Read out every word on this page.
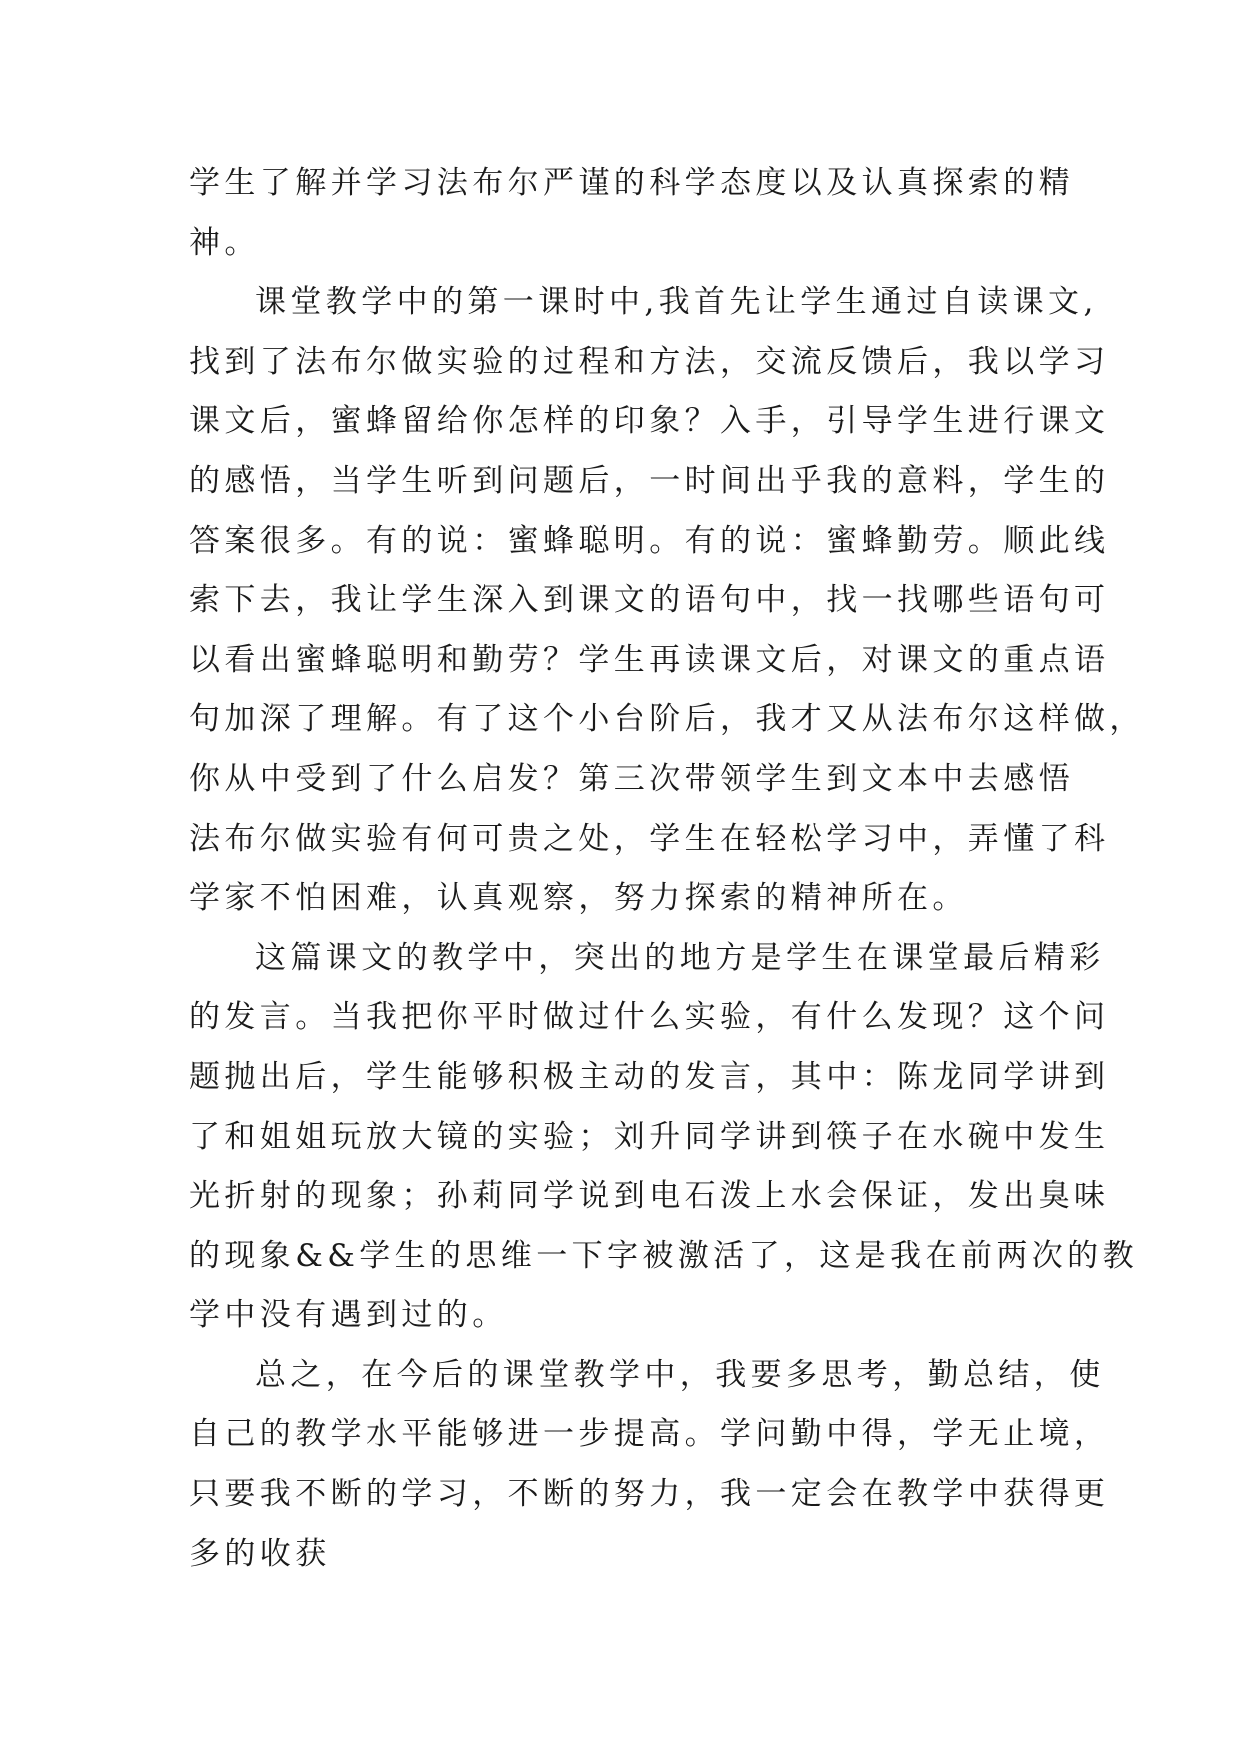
学生了解并学习法布尔严谨的科学态度以及认真探索的精
神。
课堂教学中的第一课时中,我首先让学生通过自读课文,
找到了法布尔做实验的过程和方法，交流反馈后，我以学习
课文后，蜜蜂留给你怎样的印象？入手，引导学生进行课文
的感悟，当学生听到问题后，一时间出乎我的意料，学生的
答案很多。有的说：蜜蜂聪明。有的说：蜜蜂勤劳。顺此线
索下去，我让学生深入到课文的语句中，找一找哪些语句可
以看出蜜蜂聪明和勤劳？学生再读课文后，对课文的重点语
句加深了理解。有了这个小台阶后，我才又从法布尔这样做，
你从中受到了什么启发？第三次带领学生到文本中去感悟
法布尔做实验有何可贵之处，学生在轻松学习中，弄懂了科
学家不怕困难，认真观察，努力探索的精神所在。
这篇课文的教学中，突出的地方是学生在课堂最后精彩
的发言。当我把你平时做过什么实验，有什么发现？这个问
题抛出后，学生能够积极主动的发言，其中：陈龙同学讲到
了和姐姐玩放大镜的实验；刘升同学讲到筷子在水碗中发生
光折射的现象；孙莉同学说到电石泼上水会保证，发出臭味
的现象&&学生的思维一下字被激活了，这是我在前两次的教
学中没有遇到过的。
总之，在今后的课堂教学中，我要多思考，勤总结，使
自己的教学水平能够进一步提高。学问勤中得，学无止境，
只要我不断的学习，不断的努力，我一定会在教学中获得更
多的收获
